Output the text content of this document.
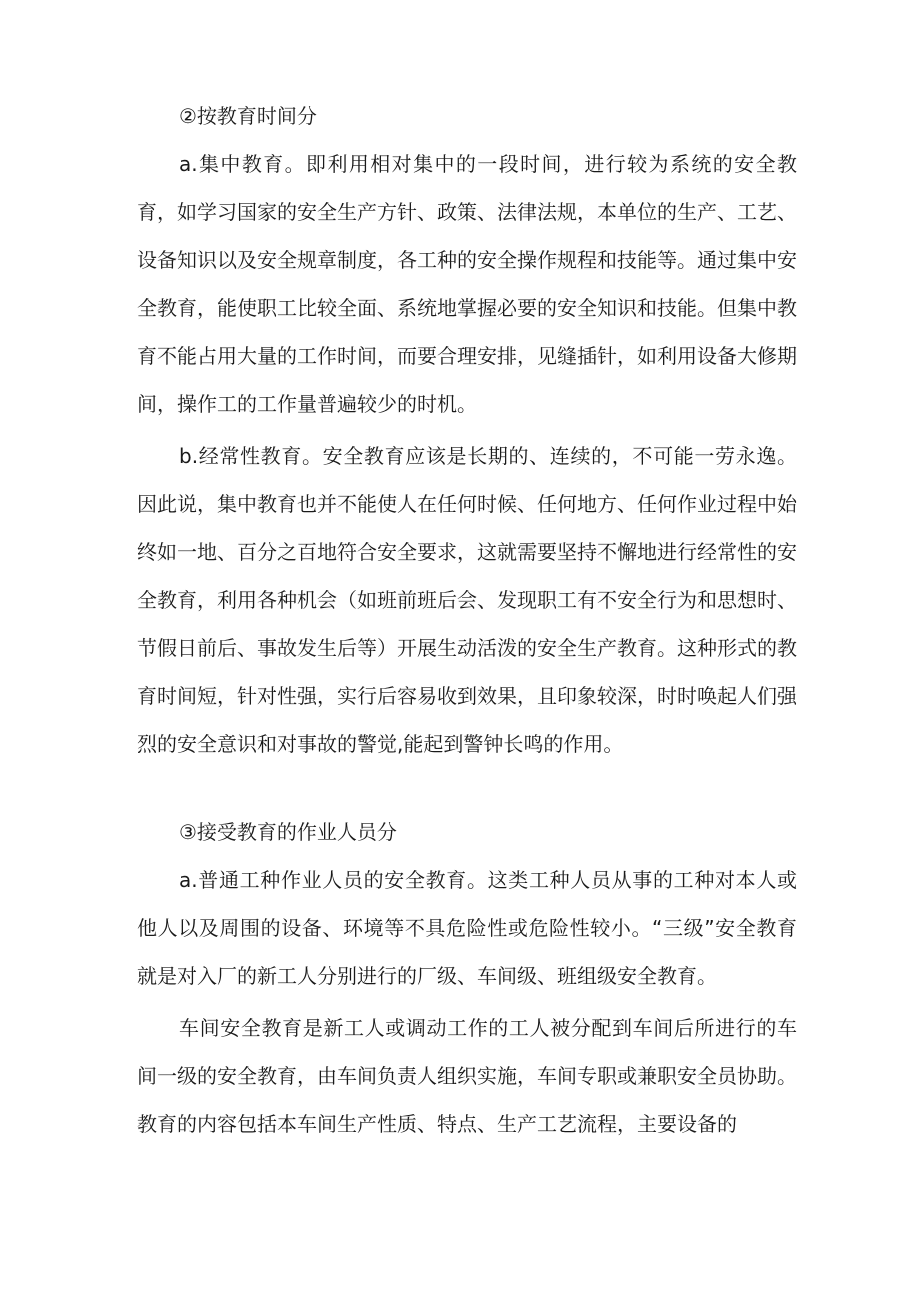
②按教育时间分

a.集中教育。即利用相对集中的一段时间，进行较为系统的安全教育，如学习国家的安全生产方针、政策、法律法规，本单位的生产、工艺、设备知识以及安全规章制度，各工种的安全操作规程和技能等。通过集中安全教育，能使职工比较全面、系统地掌握必要的安全知识和技能。但集中教育不能占用大量的工作时间，而要合理安排，见缝插针，如利用设备大修期间，操作工的工作量普遍较少的时机。

b.经常性教育。安全教育应该是长期的、连续的，不可能一劳永逸。因此说，集中教育也并不能使人在任何时候、任何地方、任何作业过程中始终如一地、百分之百地符合安全要求，这就需要坚持不懈地进行经常性的安全教育，利用各种机会（如班前班后会、发现职工有不安全行为和思想时、节假日前后、事故发生后等）开展生动活泼的安全生产教育。这种形式的教育时间短，针对性强，实行后容易收到效果，且印象较深，时时唤起人们强烈的安全意识和对事故的警觉,能起到警钟长鸣的作用。

③接受教育的作业人员分

a.普通工种作业人员的安全教育。这类工种人员从事的工种对本人或他人以及周围的设备、环境等不具危险性或危险性较小。“三级”安全教育就是对入厂的新工人分别进行的厂级、车间级、班组级安全教育。

车间安全教育是新工人或调动工作的工人被分配到车间后所进行的车间一级的安全教育，由车间负责人组织实施，车间专职或兼职安全员协助。教育的内容包括本车间生产性质、特点、生产工艺流程，主要设备的
